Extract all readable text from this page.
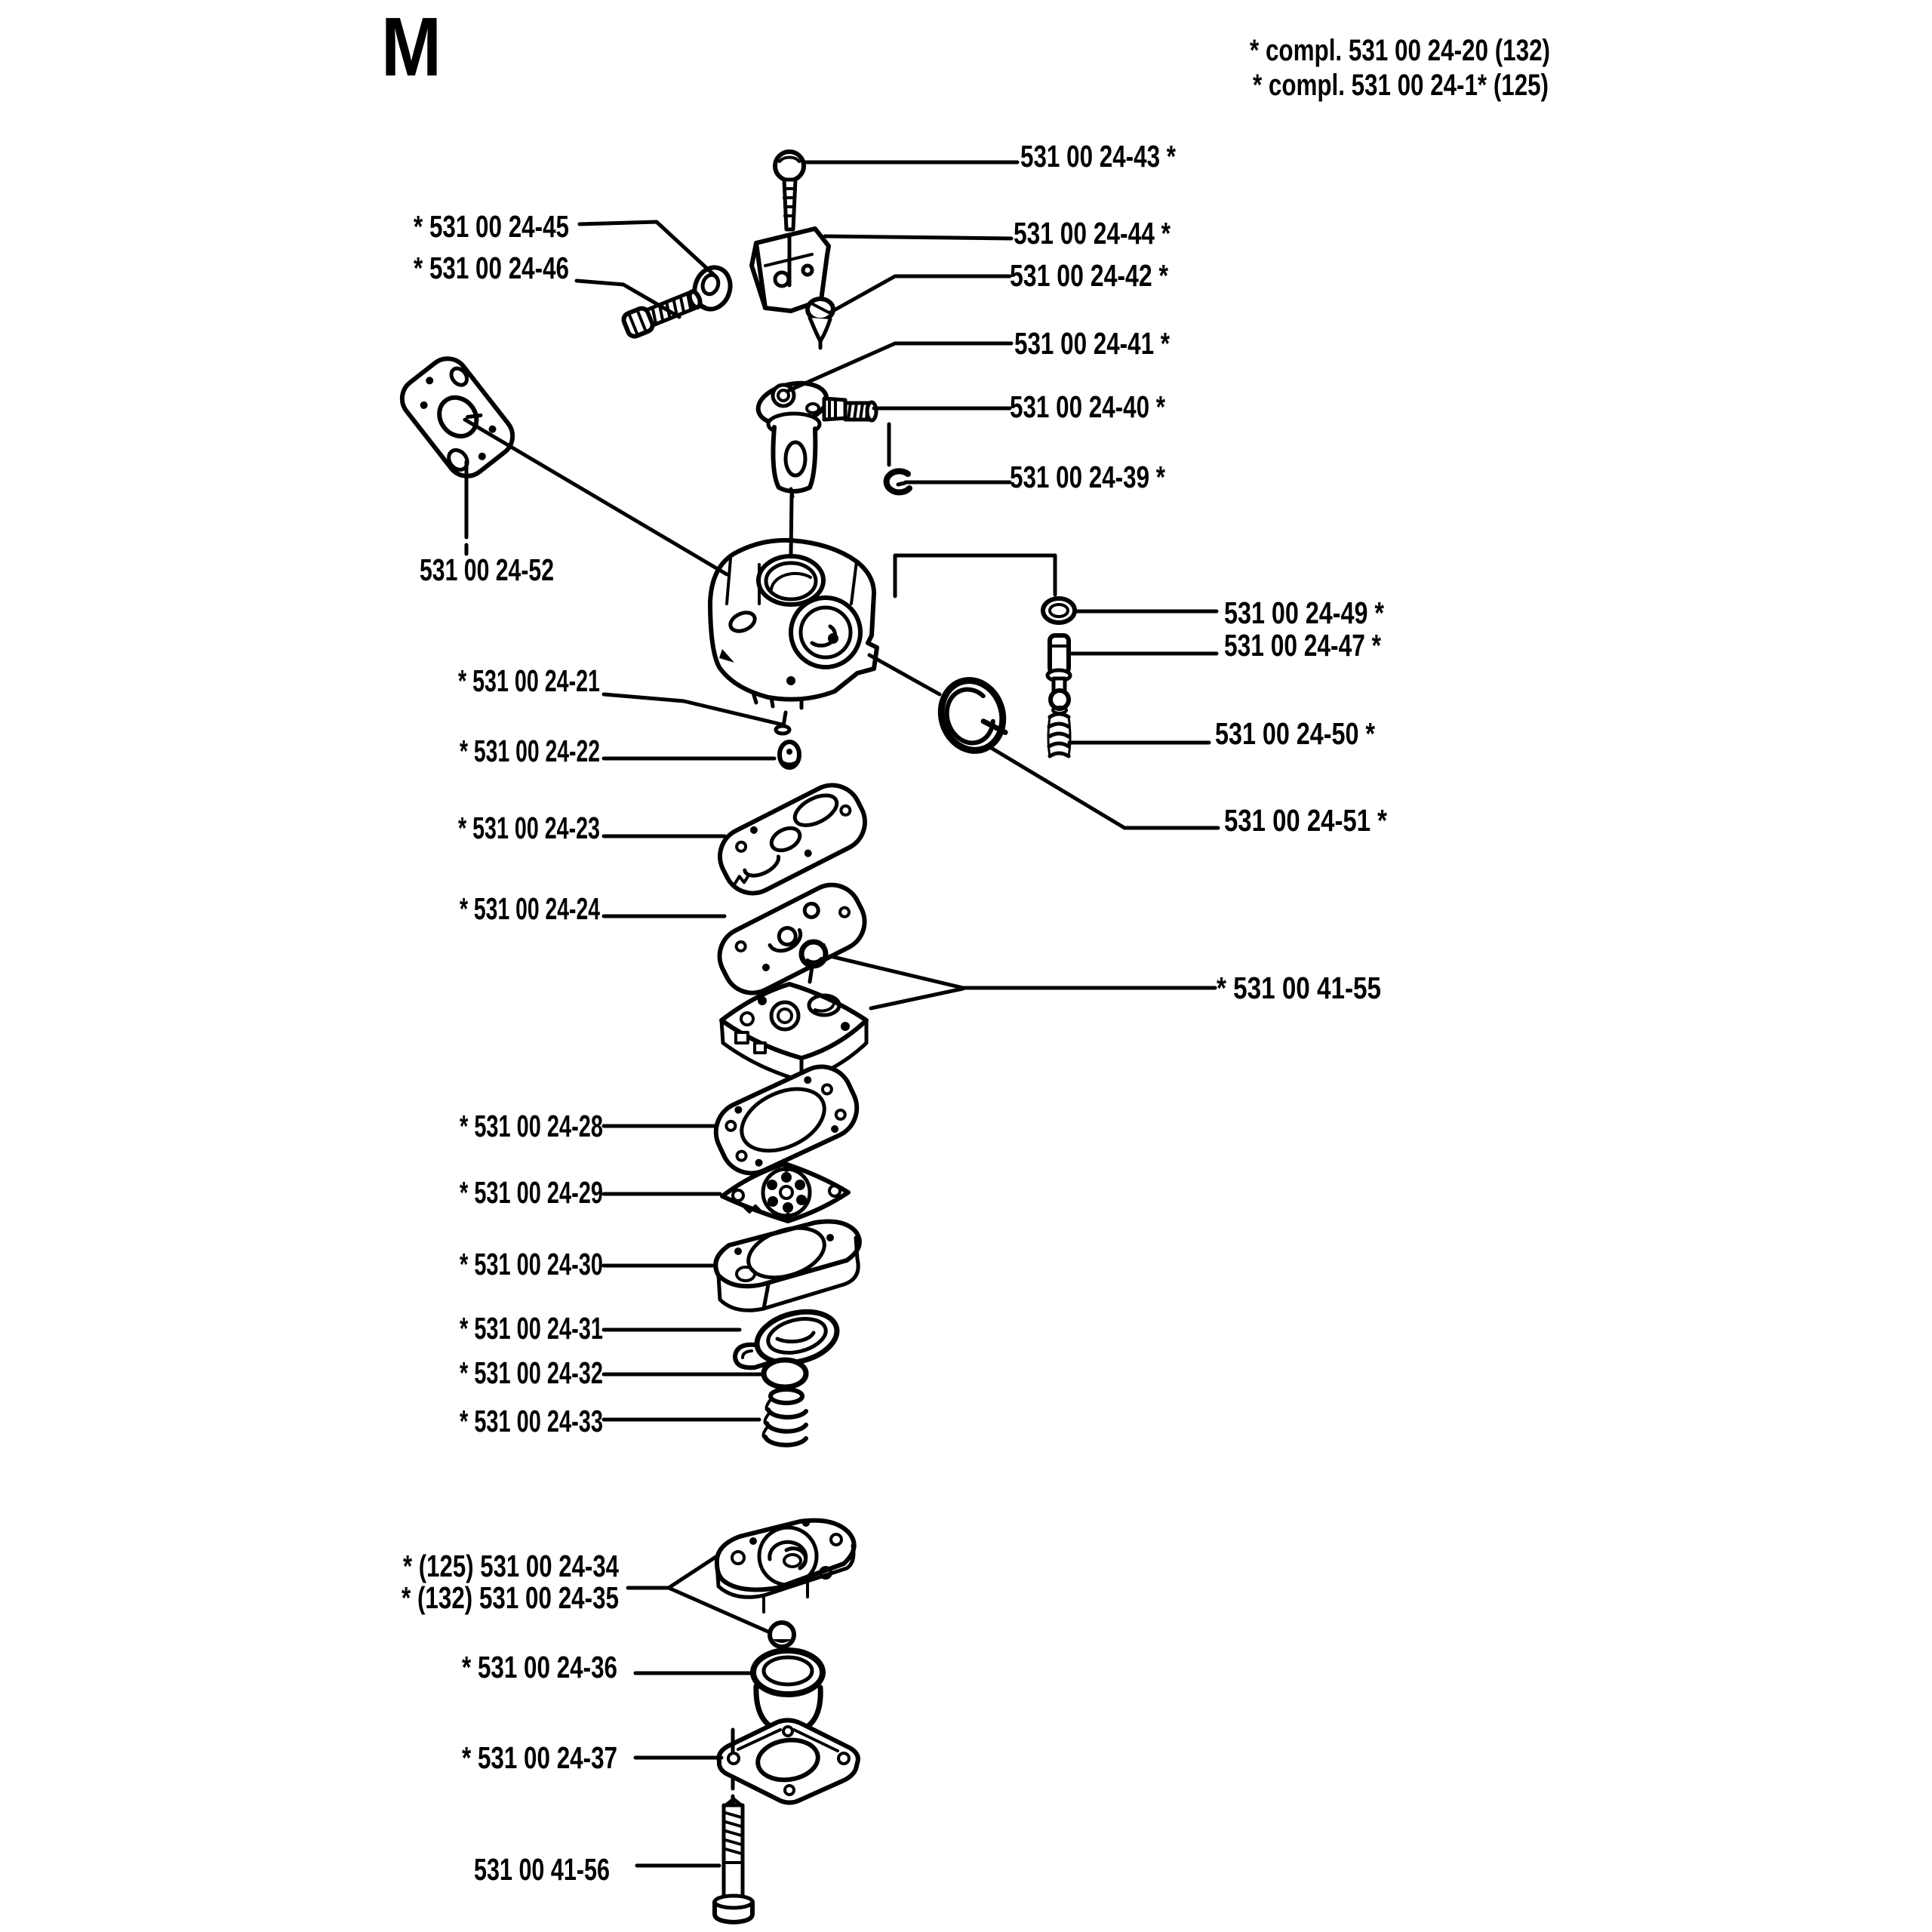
M	* compl. 531 00 24-20 (132)
* compl. 531 00 24-1* (125)
531 00 24-43 *
* 531 00 24-45
* 531 00 24-46
531 00 24-44 *
531 00 24-42 *
531 00 24-41 *
531 00 24-40 *
531 00 24-39 *
531 00 24-52
531 00 24-49 *
531 00 24-47 *
531 00 24-50 *
531 00 24-51 *
* 531 00 24-21
* 531 00 24-22
* 531 00 24-23
* 531 00 24-24
* 531 00 41-55
* 531 00 24-28
* 531 00 24-29
* 531 00 24-30
* 531 00 24-31
* 531 00 24-32
* 531 00 24-33
* (125) 531 00 24-34
* (132) 531 00 24-35
* 531 00 24-36
* 531 00 24-37
531 00 41-56
